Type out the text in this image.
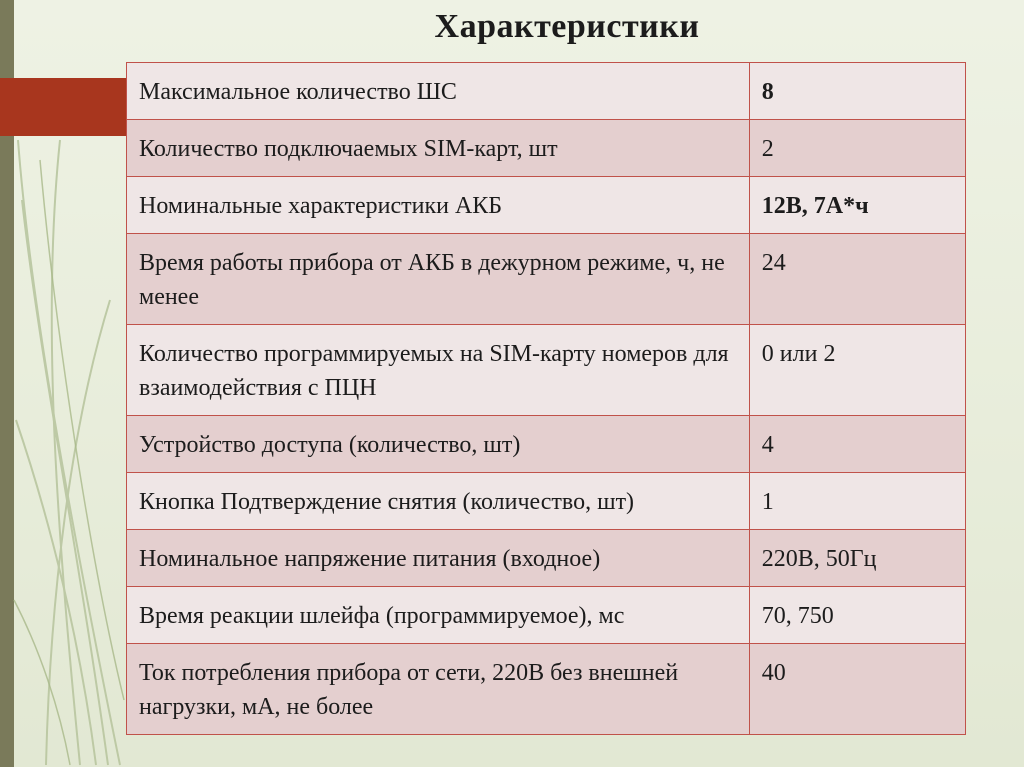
Характеристики
Максимальное количество ШС	8
Количество подключаемых SIM-карт, шт	2
Номинальные характеристики АКБ	12В, 7А*ч
Время работы прибора от АКБ в дежурном режиме, ч, не менее	24
Количество программируемых на SIM-карту номеров для взаимодействия с ПЦН	0 или 2
Устройство доступа (количество, шт)	4
Кнопка Подтверждение снятия (количество, шт)	1
Номинальное напряжение питания (входное)	220В, 50Гц
Время реакции шлейфа (программируемое), мс	70, 750
Ток потребления прибора от сети, 220В без внешней нагрузки, мА, не более	40
